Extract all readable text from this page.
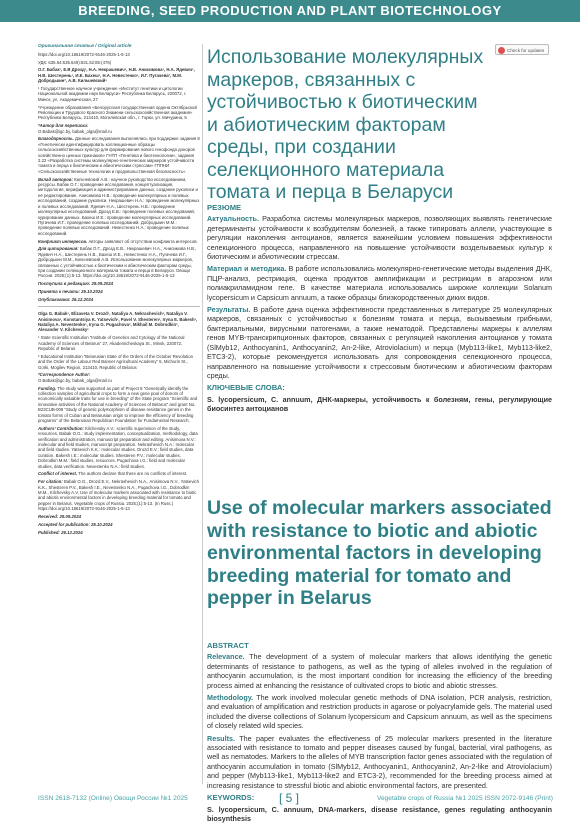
BREEDING, SEED PRODUCTION AND PLANT BIOTECHNOLOGY

Оригинальная статья / Original article

https://doi.org/10.18619/2072-9146-2025-1-5-13

УДК: 635.64:635.649):631.52:85:(476)

О.Г. Бабак¹, Е.В Дрозд¹, Н.А. Некрашевич¹, Н.В. Анисимова¹, Н.А. Ядевич¹, Н.В. Шестерень¹, И.Е. Бахеш¹, Н.А. Невестенко¹, И.Г. Пугачева², М.М. Добродькин², А.В. Кильчевский¹

¹ Государственное научное учреждение «Институт генетики и цитологии Национальной академии наук Беларуси» Республика Беларусь, 220072, г. Минск, ул. Академическая, 27

²Учреждение образования «Белорусская государственная ордена Октябрьской Революции и Трудового Красного Знамени сельскохозяйственная академия» Республика Беларусь, 213410, Могилевская обл., г. Горки, ул. Мичурина, 5

*Автор для переписки:
O.Babak@igc.by, babak_olga@mail.ru

Благодарность. Данные исследования выполнялись при поддержке задания 8 «Генетически идентифицировать коллекционные образцы сельскохозяйственных культур для формирования нового генофонда доноров хозяйственно ценных признаков» ГНТП «Генетика и биотехнологии», задания 3.22 «Разработка системы молекулярно-генетических маркеров устойчивости томата и перца к биотическим и абиотическим стрессам» ГППНИ «Сельскохозяйственные технологии и продовольственная безопасность».

Вклад авторов: Кильчевский А.В.: научное руководство исследованием, ресурсы. Бабак О.Г.: проведение исследования, концептуализация, методология, верификация и администрирование данных, создание рукописи и её редактирование. Анисимова Н.В.: проведение молекулярных и полевых исследований, создание рукописи. Некрашевич Н.А.: проведение молекулярных и полевых исследований. Ядевич Н.А., Шестерень Н.В.: проведение молекулярных исследований. Дрозд Е.В.: проведение полевых исследований, курирование данных. Бахеш И.Е.: проведение молекулярных исследований. Пугачева И.Г.: проведение полевых исследований. Добродькин М.М.: проведение полевых исследований. Невестенко Н.А.: проведение полевых исследований.

Конфликт интересов. Авторы заявляют об отсутствии конфликта интересов.

Для цитирования: Бабак О.Г., Дрозд Е.В., Некрашевич Н.А., Анисимова Н.В., Ядевич Н.А., Шестерень Н.В., Бахеш И.Е., Невестенко Н.А., Пугачева И.Г., Добродькин М.М., Кильчевский А.В. Использование молекулярных маркеров, связанных с устойчивостью к биотическим и абиотическим факторам среды, при создании селекционного материала томата и перца в Беларуси. Овощи России. 2025;(1):5-13. https://doi.org/10.18619/2072-9146-2025-1-5-13

Поступила в редакцию: 29.09.2024
Принята к печати: 25.10.2024
Опубликована: 26.12.2024

Olga G. Babak¹, Elizaveta V. Drozd¹, Nataliya A. Nekrashevich¹, Nataliya V. Anisimova¹, Konstantsiya K. Yatsevich¹, Pavel V. Shesteren¹, Iryna E. Bakesh¹, Nataliya A. Nevestenko¹, Iryna G. Pugachova², Mikhail M. Dobrodkin², Alexander V. Kilchevsky¹

¹ State Scientific Institution “Institute of Genetics and Cytology of the National Academy of Sciences of Belarus” 27, Akademicheskaya St., Minsk, 220072, Republic of Belarus

² Educational Institution “Belarusian State of the Orders of the October Revolution and the Order of the Labour Red Banner Agricultural Academy” 5, Michurin St., Gorki, Mogilev Region, 213410, Republic of Belarus

*Correspondence Author:
O.Babak@igc.by, babak_olga@mail.ru

Funding. The study was supported as part of Project 8 “Genetically identify the collection samples of agricultural crops to form a new gene pool of donors of economically valuable traits for use in breeding” of the State program “Scientific and innovative activities of the National Academy of Sciences of Belarus” and grant No. B23CUB-009 “Study of genetic polymorphism of disease resistance genes in the tomato forms of Cuban and Belarusian origin to improve the efficiency of breeding programs” of the Belarusian Republican Foundation for Fundamental Research.

Authors’ Contribution: Kilchevsky A.V.: scientific supervision of the study, resources. Babak O.G.: study implementation, conceptualization, methodology, data verification and administration, manuscript preparation and editing. Anisimova N.V.: molecular and field studies, manuscript preparation. Nekrashevich N.A.: molecular and field studies. Yatsevich K.K.: molecular studies. Drozd E.V.: field studies, data curation. Bakesh I.E.: molecular studies. Shesteren P.V.: molecular studies. Dobrodkin M.M.: field studies, resources. Pugachova I.G.: field and molecular studies, data verification. Nevestenko N.A.: field studies.

Conflict of interest. The authors declare that there are no conflicts of interest.

For citation: Babak O.G., Drozd E.V., Nekrashevich N.A., Anisimova N.V., Yatsevich K.K., Shesteren P.V., Bakesh I.E., Nevestenko N.A., Pugachova I.G., Dobrodkin M.M., Kilchevsky A.V. Use of molecular markers associated with resistance to biotic and abiotic environmental factors in developing breeding material for tomato and pepper in Belarus. Vegetable crops of Russia. 2025;(1):5-13. (In Russ.) https://doi.org/10.18619/2072-9146-2025-1-5-13

Received: 29.09.2024
Accepted for publication: 25.10.2024
Published: 26.12.2024
Check for updates
Использование молекулярных маркеров, связанных с устойчивостью к биотическим и абиотическим факторам среды, при создании селекционного материала томата и перца в Беларуси
РЕЗЮМЕ

Актуальность. Разработка системы молекулярных маркеров, позволяющих выявлять генетические детерминанты устойчивости к возбудителям болезней, а также типировать аллели, участвующие в регуляции накопления антоцианов, является важнейшим условием повышения эффективности селекционного процесса, направленного на повышение устойчивости возделываемых культур к биотическим и абиотическим стрессам.

Материал и методика. В работе использовались молекулярно-генетические методы выделения ДНК, ПЦР-анализ, рестрикция, оценка продуктов амплификации и рестрикции в агарозном или полиакриламидном геле. В качестве материала использовались широкие коллекции Solanum lycopersicum и Capsicum annuum, а также образцы близкородственных диких видов.

Результаты. В работе дана оценка эффективности представленных в литературе 25 молекулярных маркеров, связанных с устойчивостью к болезням томата и перца, вызываемым грибными, бактериальными, вирусными патогенами, а также нематодой. Представлены маркеры к аллелям генов MYB-транскрипционных факторов, связанных с регуляцией накопления антоцианов у томата (SlMyb12, Anthocyanin1, Anthocyanin2, An-2-like, Atroviolacium) и перца (Myb113-like1, Myb113-like2, ETC3-2), которые рекомендуется использовать для сопровождения селекционного процесса, направленного на повышение устойчивости к стрессовым биотическим и абиотическим факторам среды.

КЛЮЧЕВЫЕ СЛОВА:

S. lycopersicum, C. annuum, ДНК-маркеры, устойчивость к болезням, гены, регулирующие биосинтез антоцианов

Use of molecular markers associated with resistance to biotic and abiotic environmental factors in developing breeding material for tomato and pepper in Belarus
ABSTRACT

Relevance. The development of a system of molecular markers that allows identifying the genetic determinants of resistance to pathogens, as well as the typing of alleles involved in the regulation of anthocyanin accumulation, is the most important condition for increasing the efficiency of the breeding process aimed at enhancing the resistance of cultivated crops to biotic and abiotic stresses.

Methodology. The work involved molecular genetic methods of DNA isolation, PCR analysis, restriction, and evaluation of amplification and restriction products in agarose or polyacrylamide gels. The material used included the diverse collections of Solanum lycopersicum and Capsicum annuum, as well as the specimens of closely related wild species.

Results. The paper evaluates the effectiveness of 25 molecular markers presented in the literature associated with resistance to tomato and pepper diseases caused by fungal, bacterial, viral pathogens, as well as nematodes. Markers to the alleles of MYB transcription factor genes associated with the regulation of anthocyanin accumulation in tomato (SlMyb12, Anthocyanin1, Anthocyanin2, An-2-like and Atroviolacium) and pepper (Myb113-like1, Myb113-like2 and ETC3-2), recommended for the breeding process aimed at increasing resistance to stressful biotic and abiotic environmental factors, are presented.

KEYWORDS:

S. lycopersicum, C. annuum, DNA-markers, disease resistance, genes regulating anthocyanin biosynthesis

ISSN 2618-7132 (Online) Овощи России №1 2025	[ 5 ]	Vegetable crops of Russia №1 2025 ISSN 2072-9146 (Print)
